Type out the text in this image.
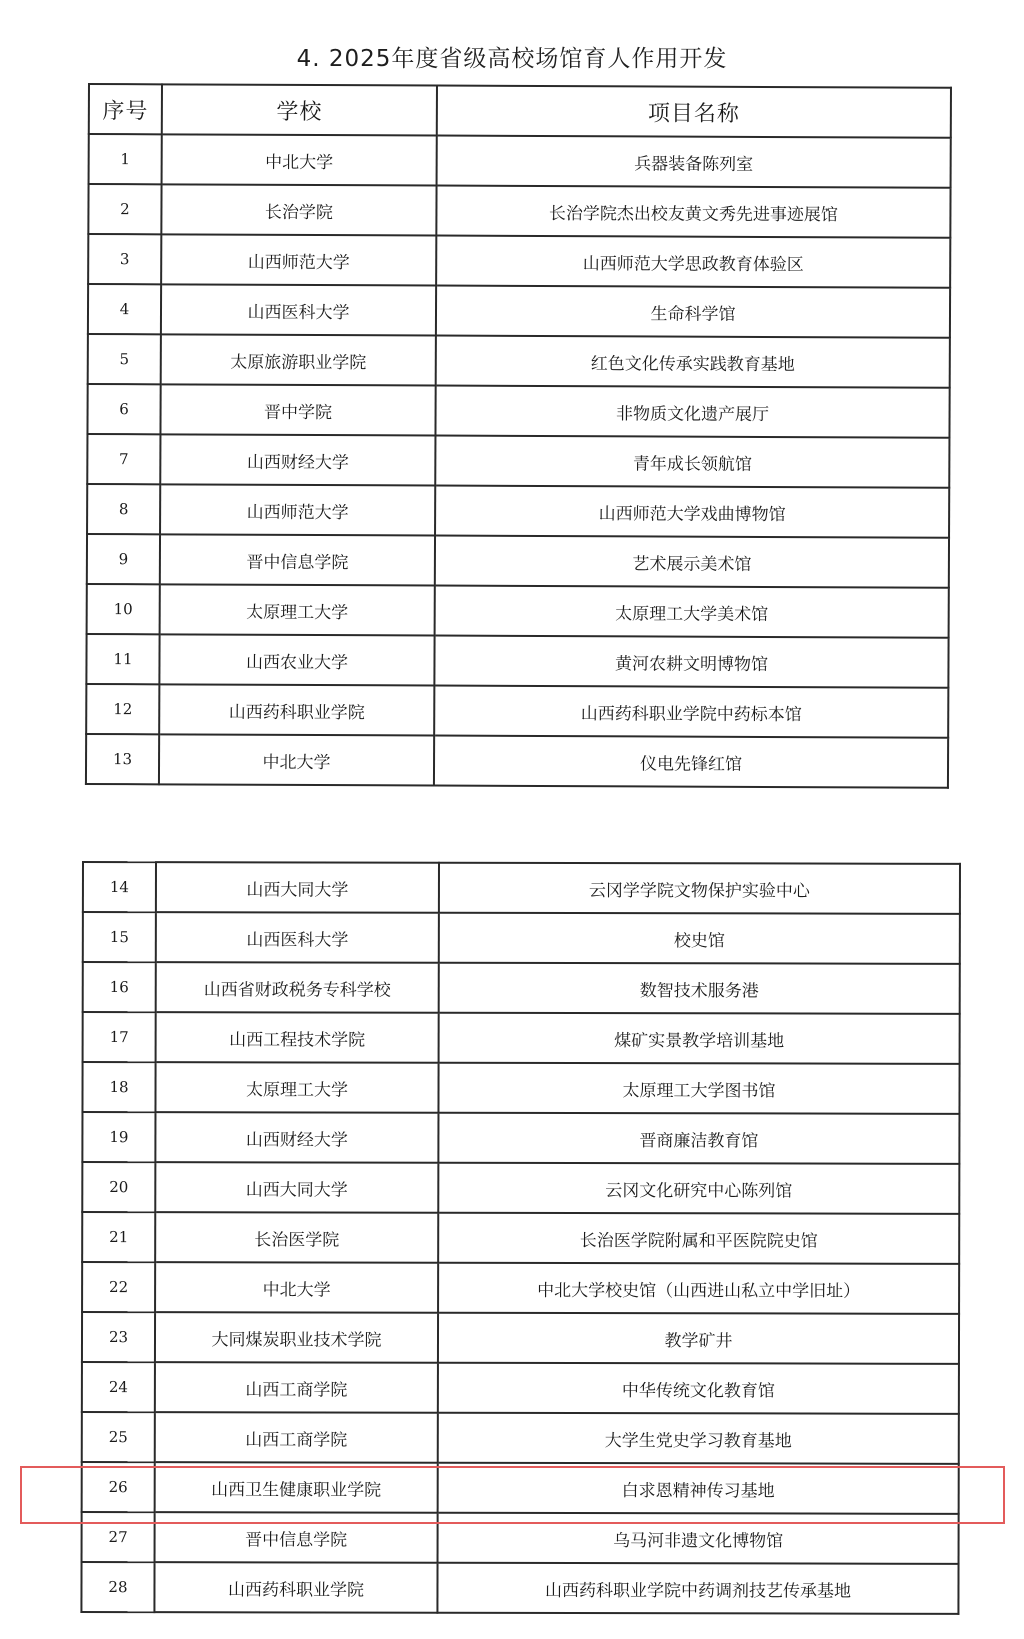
4. 2025年度省级高校场馆育人作用开发
序号	学校	项目名称
1	中北大学	兵器装备陈列室
2	长治学院	长治学院杰出校友黄文秀先进事迹展馆
3	山西师范大学	山西师范大学思政教育体验区
4	山西医科大学	生命科学馆
5	太原旅游职业学院	红色文化传承实践教育基地
6	晋中学院	非物质文化遗产展厅
7	山西财经大学	青年成长领航馆
8	山西师范大学	山西师范大学戏曲博物馆
9	晋中信息学院	艺术展示美术馆
10	太原理工大学	太原理工大学美术馆
11	山西农业大学	黄河农耕文明博物馆
12	山西药科职业学院	山西药科职业学院中药标本馆
13	中北大学	仪电先锋红馆
14	山西大同大学	云冈学学院文物保护实验中心
15	山西医科大学	校史馆
16	山西省财政税务专科学校	数智技术服务港
17	山西工程技术学院	煤矿实景教学培训基地
18	太原理工大学	太原理工大学图书馆
19	山西财经大学	晋商廉洁教育馆
20	山西大同大学	云冈文化研究中心陈列馆
21	长治医学院	长治医学院附属和平医院院史馆
22	中北大学	中北大学校史馆（山西进山私立中学旧址）
23	大同煤炭职业技术学院	教学矿井
24	山西工商学院	中华传统文化教育馆
25	山西工商学院	大学生党史学习教育基地
26	山西卫生健康职业学院	白求恩精神传习基地
27	晋中信息学院	乌马河非遗文化博物馆
28	山西药科职业学院	山西药科职业学院中药调剂技艺传承基地
